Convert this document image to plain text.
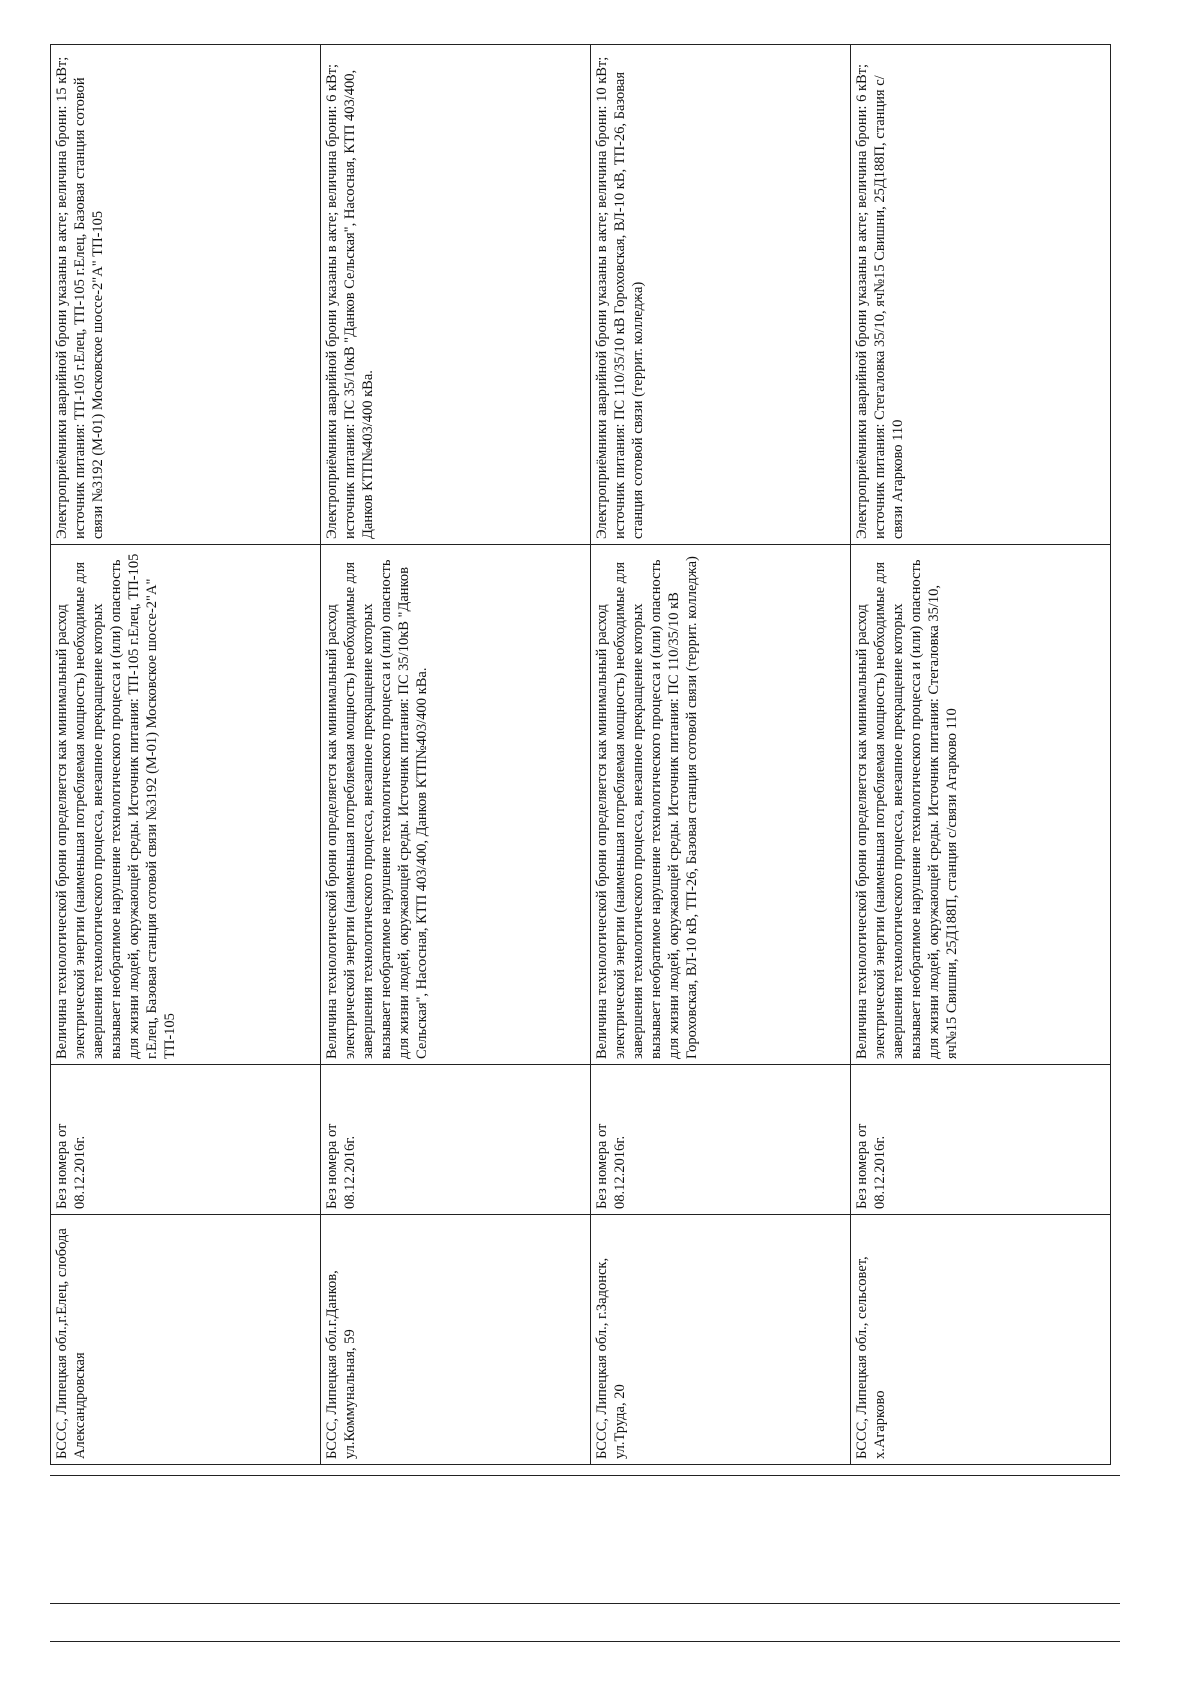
БССС, Липецкая обл.,г.Елец, слобода Александровская	Без номера от 08.12.2016г.	Величина технологической брони определяется как минимальный расход электрической энергии (наименьшая потребляемая мощность) необходимые для завершения технологического процесса, внезапное прекращение которых вызывает необратимое нарушение технологического процесса и (или) опасность для жизни людей, окружающей среды. Источник питания: ТП-105 г.Елец, ТП-105 г.Елец, Базовая станция сотовой связи №3192 (М-01) Московское шоссе-2"А" ТП-105	Электроприёмники аварийной брони указаны в акте; величина брони: 15 кВт; источник питания: ТП-105 г.Елец, ТП-105 г.Елец, Базовая станция сотовой связи №3192 (М-01) Московское шоссе-2"А" ТП-105

БССС, Липецкая обл.г.Данков, ул.Коммунальная, 59	Без номера от 08.12.2016г.	Величина технологической брони определяется как минимальный расход электрической энергии (наименьшая потребляемая мощность) необходимые для завершения технологического процесса, внезапное прекращение которых вызывает необратимое нарушение технологического процесса и (или) опасность для жизни людей, окружающей среды. Источник питания: ПС 35/10кВ "Данков Сельская", Насосная, КТП 403/400, Данков КТП№403/400 кВа.	Электроприёмники аварийной брони указаны в акте; величина брони: 6 кВт; источник питания: ПС 35/10кВ "Данков Сельская", Насосная, КТП 403/400, Данков КТП№403/400 кВа.

БССС, Липецкая обл., г.Задонск, ул.Труда, 20	Без номера от 08.12.2016г.	Величина технологической брони определяется как минимальный расход электрической энергии (наименьшая потребляемая мощность) необходимые для завершения технологического процесса, внезапное прекращение которых вызывает необратимое нарушение технологического процесса и (или) опасность для жизни людей, окружающей среды. Источник питания: ПС 110/35/10 кВ Гороховская, ВЛ-10 кВ, ТП-26, Базовая станция сотовой связи (террит. колледжа)	Электроприёмники аварийной брони указаны в акте; величина брони: 10 кВт; источник питания: ПС 110/35/10 кВ Гороховская, ВЛ-10 кВ, ТП-26, Базовая станция сотовой связи (террит. колледжа)

БССС, Липецкая обл., сельсовет, х.Агарково	Без номера от 08.12.2016г.	Величина технологической брони определяется как минимальный расход электрической энергии (наименьшая потребляемая мощность) необходимые для завершения технологического процесса, внезапное прекращение которых вызывает необратимое нарушение технологического процесса и (или) опасность для жизни людей, окружающей среды. Источник питания: Стегаловка 35/10, яч№15 Свишни, 25Д188П, станция с/связи Агарково 110	Электроприёмники аварийной брони указаны в акте; величина брони: 6 кВт; источник питания: Стегаловка 35/10, яч№15 Свишни, 25Д188П, станция с/связи Агарково 110
